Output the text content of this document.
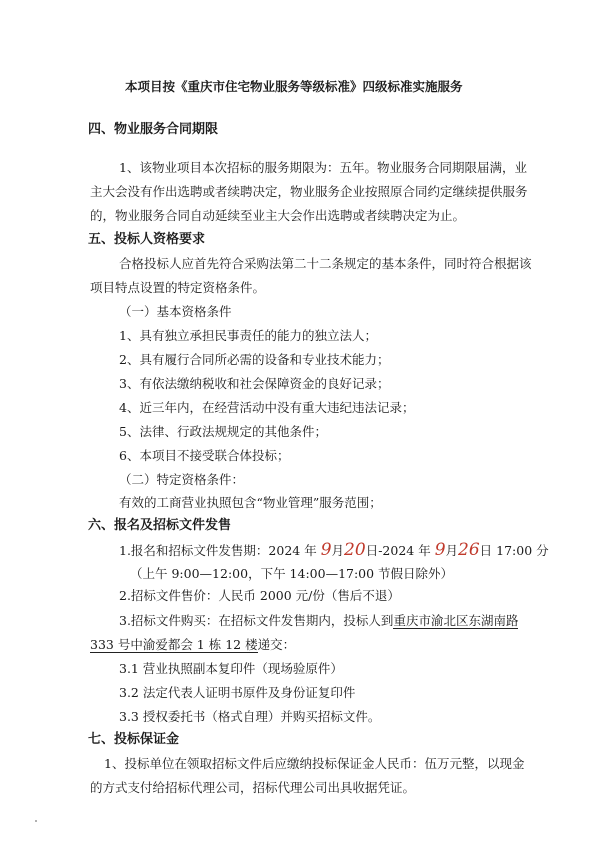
本项目按《重庆市住宅物业服务等级标准》四级标准实施服务
四、物业服务合同期限
1、该物业项目本次招标的服务期限为：五年。物业服务合同期限届满，业
主大会没有作出选聘或者续聘决定，物业服务企业按照原合同约定继续提供服务
的，物业服务合同自动延续至业主大会作出选聘或者续聘决定为止。
五、投标人资格要求
合格投标人应首先符合采购法第二十二条规定的基本条件，同时符合根据该
项目特点设置的特定资格条件。
（一）基本资格条件
1、具有独立承担民事责任的能力的独立法人；
2、具有履行合同所必需的设备和专业技术能力；
3、有依法缴纳税收和社会保障资金的良好记录；
4、近三年内，在经营活动中没有重大违纪违法记录；
5、法律、行政法规规定的其他条件；
6、本项目不接受联合体投标；
（二）特定资格条件：
有效的工商营业执照包含“物业管理”服务范围；
六、报名及招标文件发售
1.报名和招标文件发售期：2024 年 9月20日-2024 年 9月26日 17:00 分
（上午 9:00—12:00，下午 14:00—17:00 节假日除外）
2.招标文件售价：人民币 2000 元/份（售后不退）
3.招标文件购买：在招标文件发售期内，投标人到重庆市渝北区东湖南路
333 号中渝爱都会 1 栋 12 楼递交：
3.1 营业执照副本复印件（现场验原件）
3.2 法定代表人证明书原件及身份证复印件
3.3 授权委托书（格式自理）并购买招标文件。
七、投标保证金
1、投标单位在领取招标文件后应缴纳投标保证金人民币：伍万元整，以现金
的方式支付给招标代理公司，招标代理公司出具收据凭证。
